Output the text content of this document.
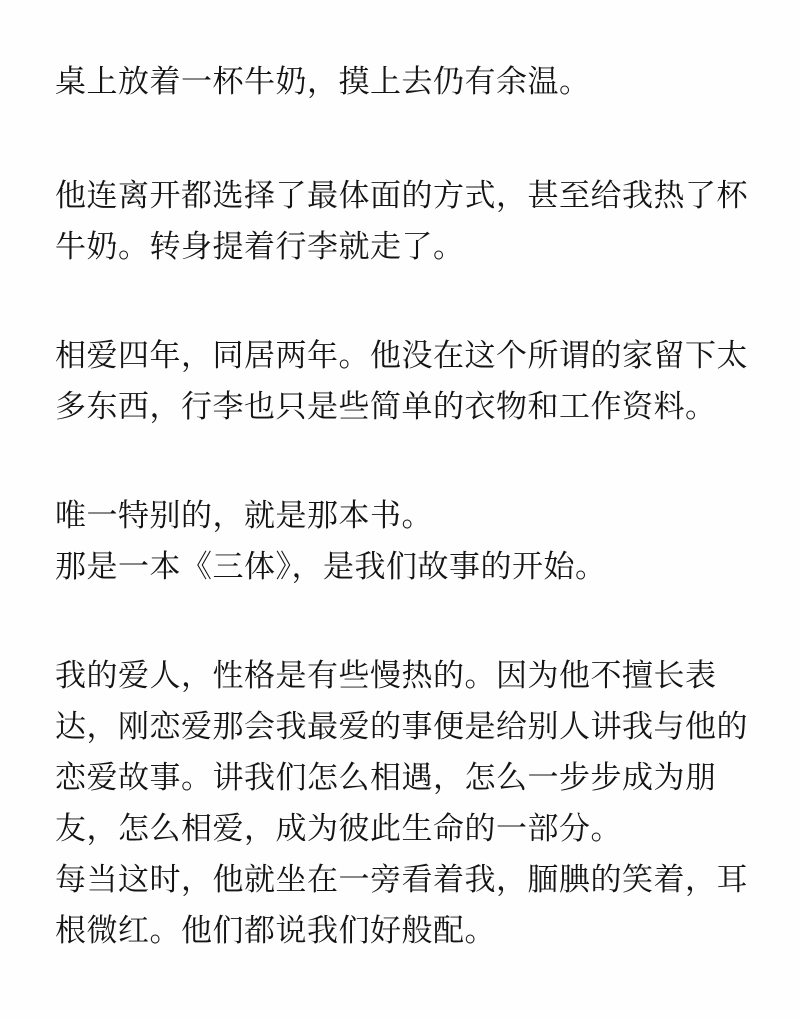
桌上放着一杯牛奶，摸上去仍有余温。

他连离开都选择了最体面的方式，甚至给我热了杯

牛奶。转身提着行李就走了。

相爱四年，同居两年。他没在这个所谓的家留下太

多东西，行李也只是些简单的衣物和工作资料。

唯一特别的，就是那本书。

那是一本《三体》，是我们故事的开始。

我的爱人，性格是有些慢热的。因为他不擅长表

达，刚恋爱那会我最爱的事便是给别人讲我与他的

恋爱故事。讲我们怎么相遇，怎么一步步成为朋

友，怎么相爱，成为彼此生命的一部分。

每当这时，他就坐在一旁看着我，腼腆的笑着，耳

根微红。他们都说我们好般配。
